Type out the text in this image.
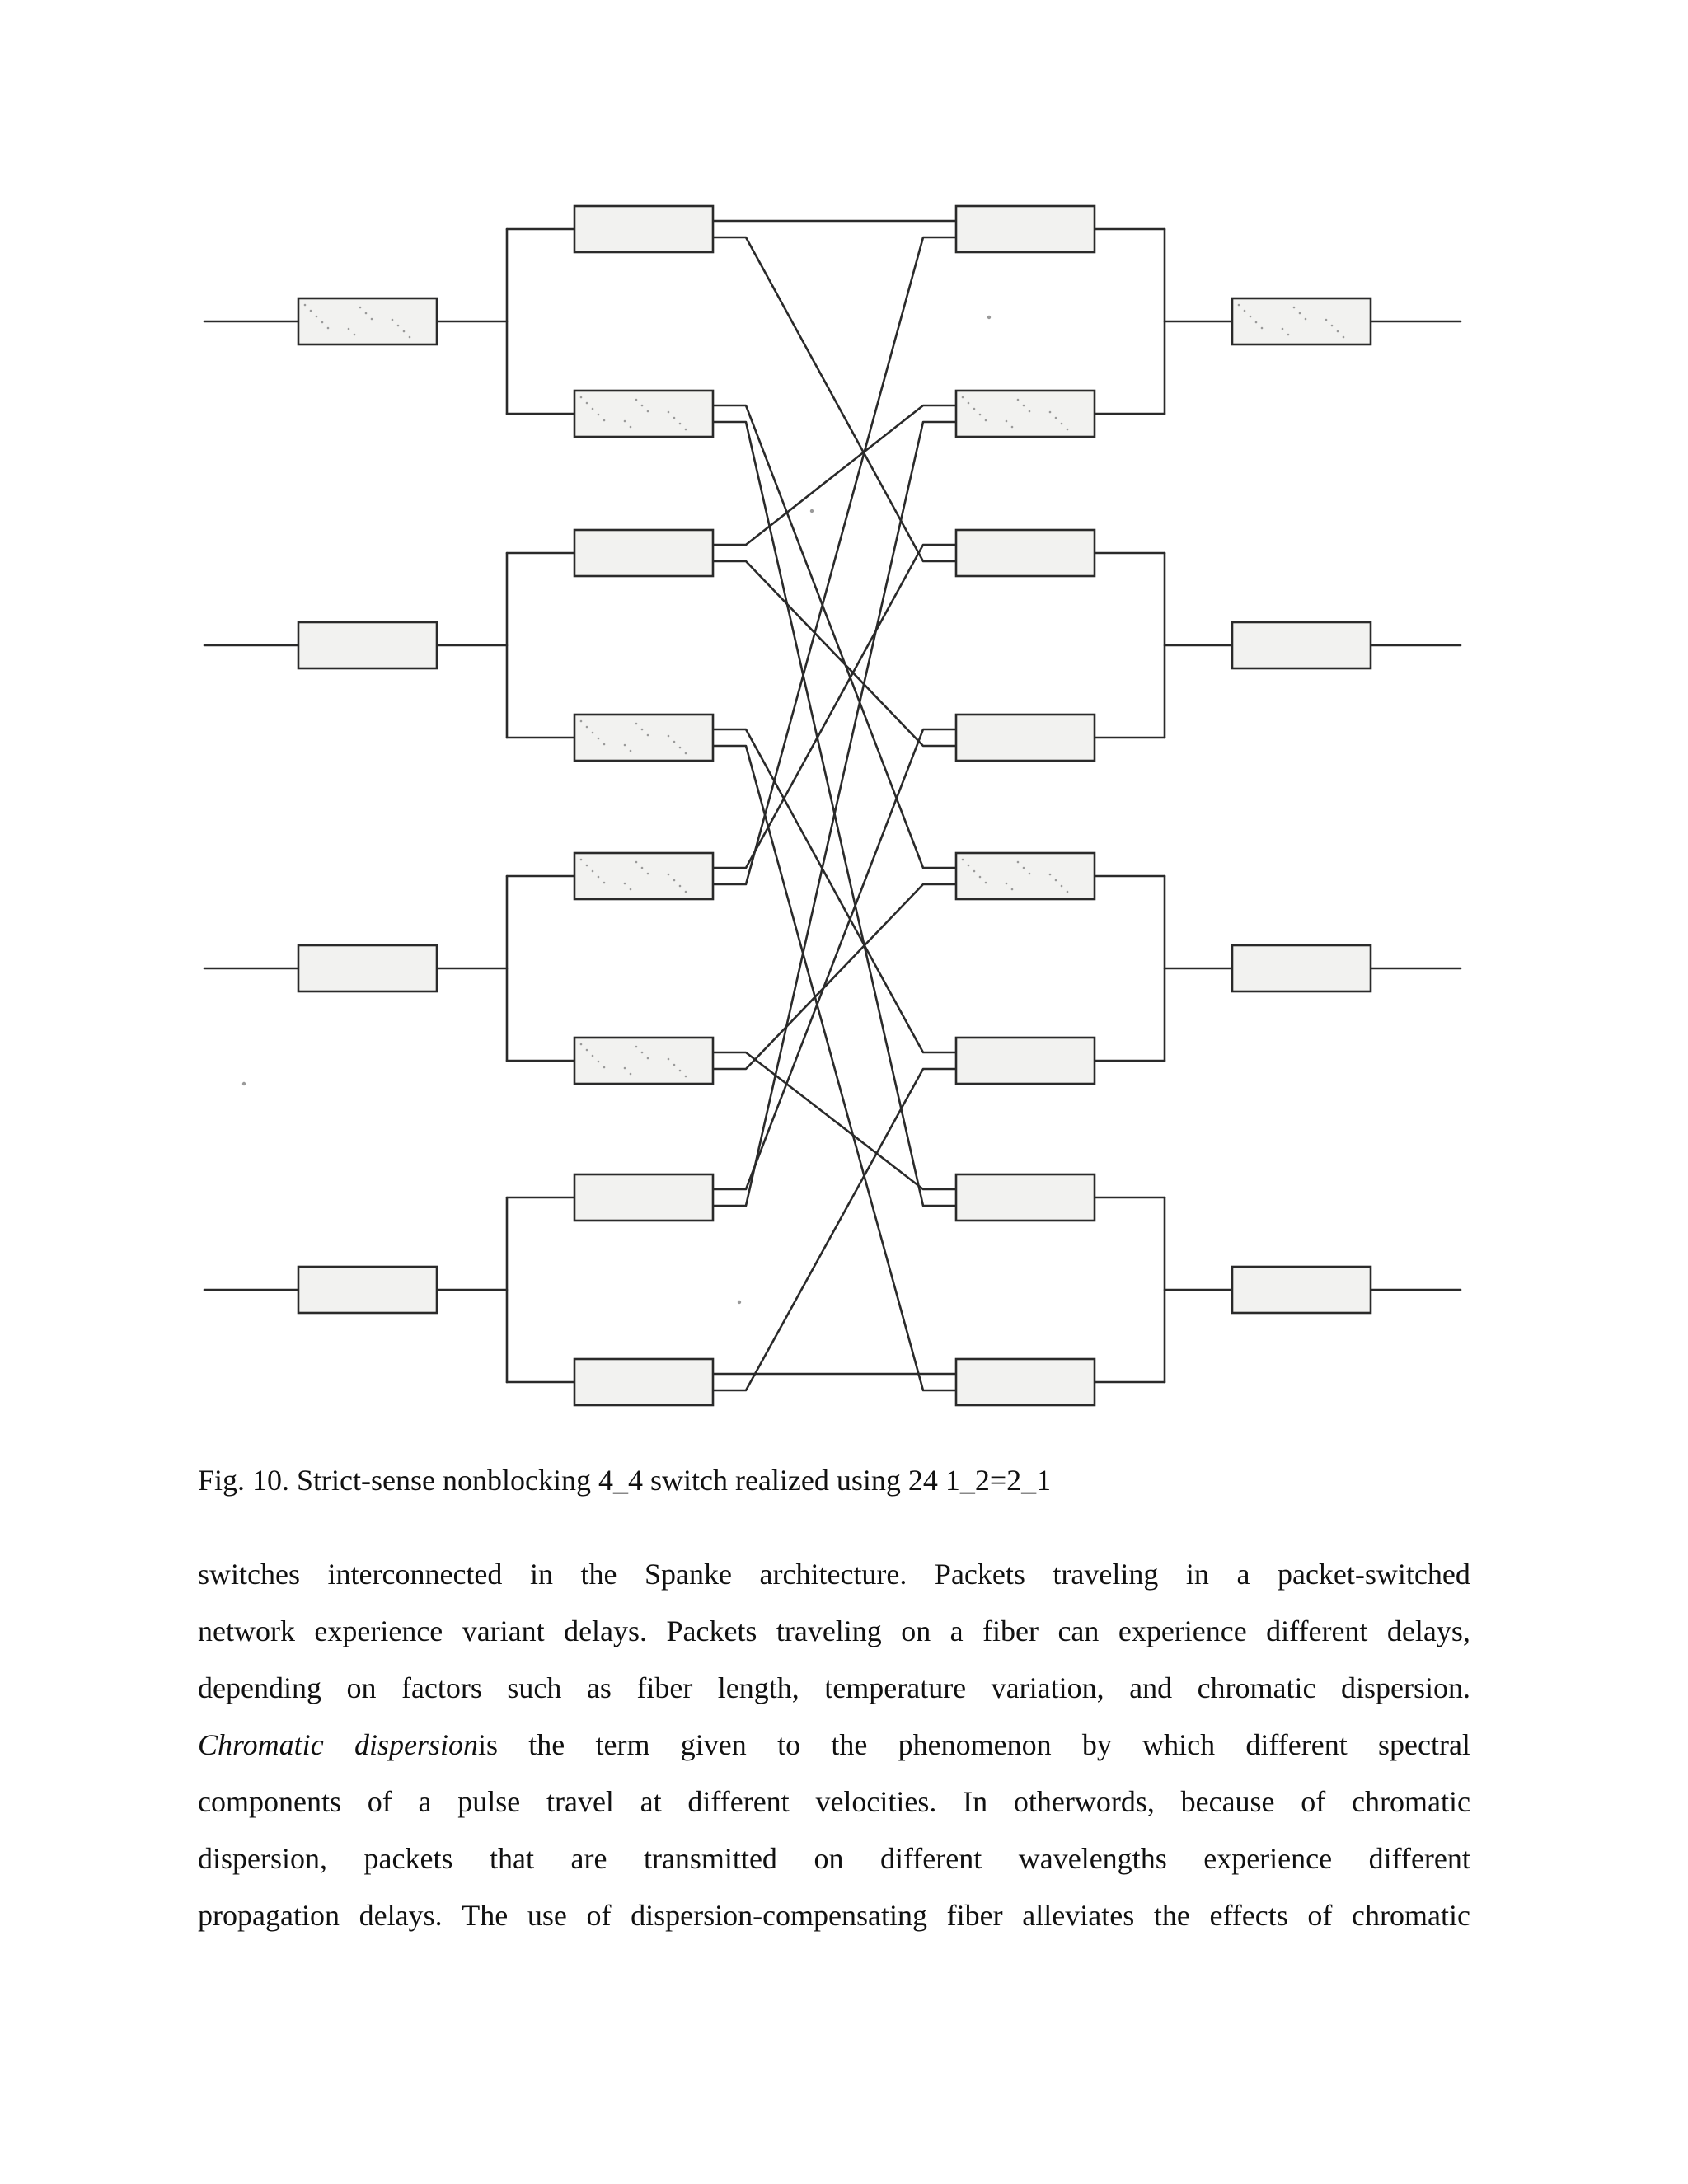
Fig. 10. Strict-sense nonblocking 4_4 switch realized using 24 1_2=2_1
switches interconnected in the Spanke architecture. Packets traveling in a packet-switched
network experience variant delays. Packets traveling on a fiber can experience different delays,
depending on factors such as fiber length, temperature variation, and chromatic dispersion.
Chromatic dispersionis the term given to the phenomenon by which different spectral
components of a pulse travel at different velocities. In otherwords, because of chromatic
dispersion, packets that are transmitted on different wavelengths experience different
propagation delays. The use of dispersion-compensating fiber alleviates the effects of chromatic
